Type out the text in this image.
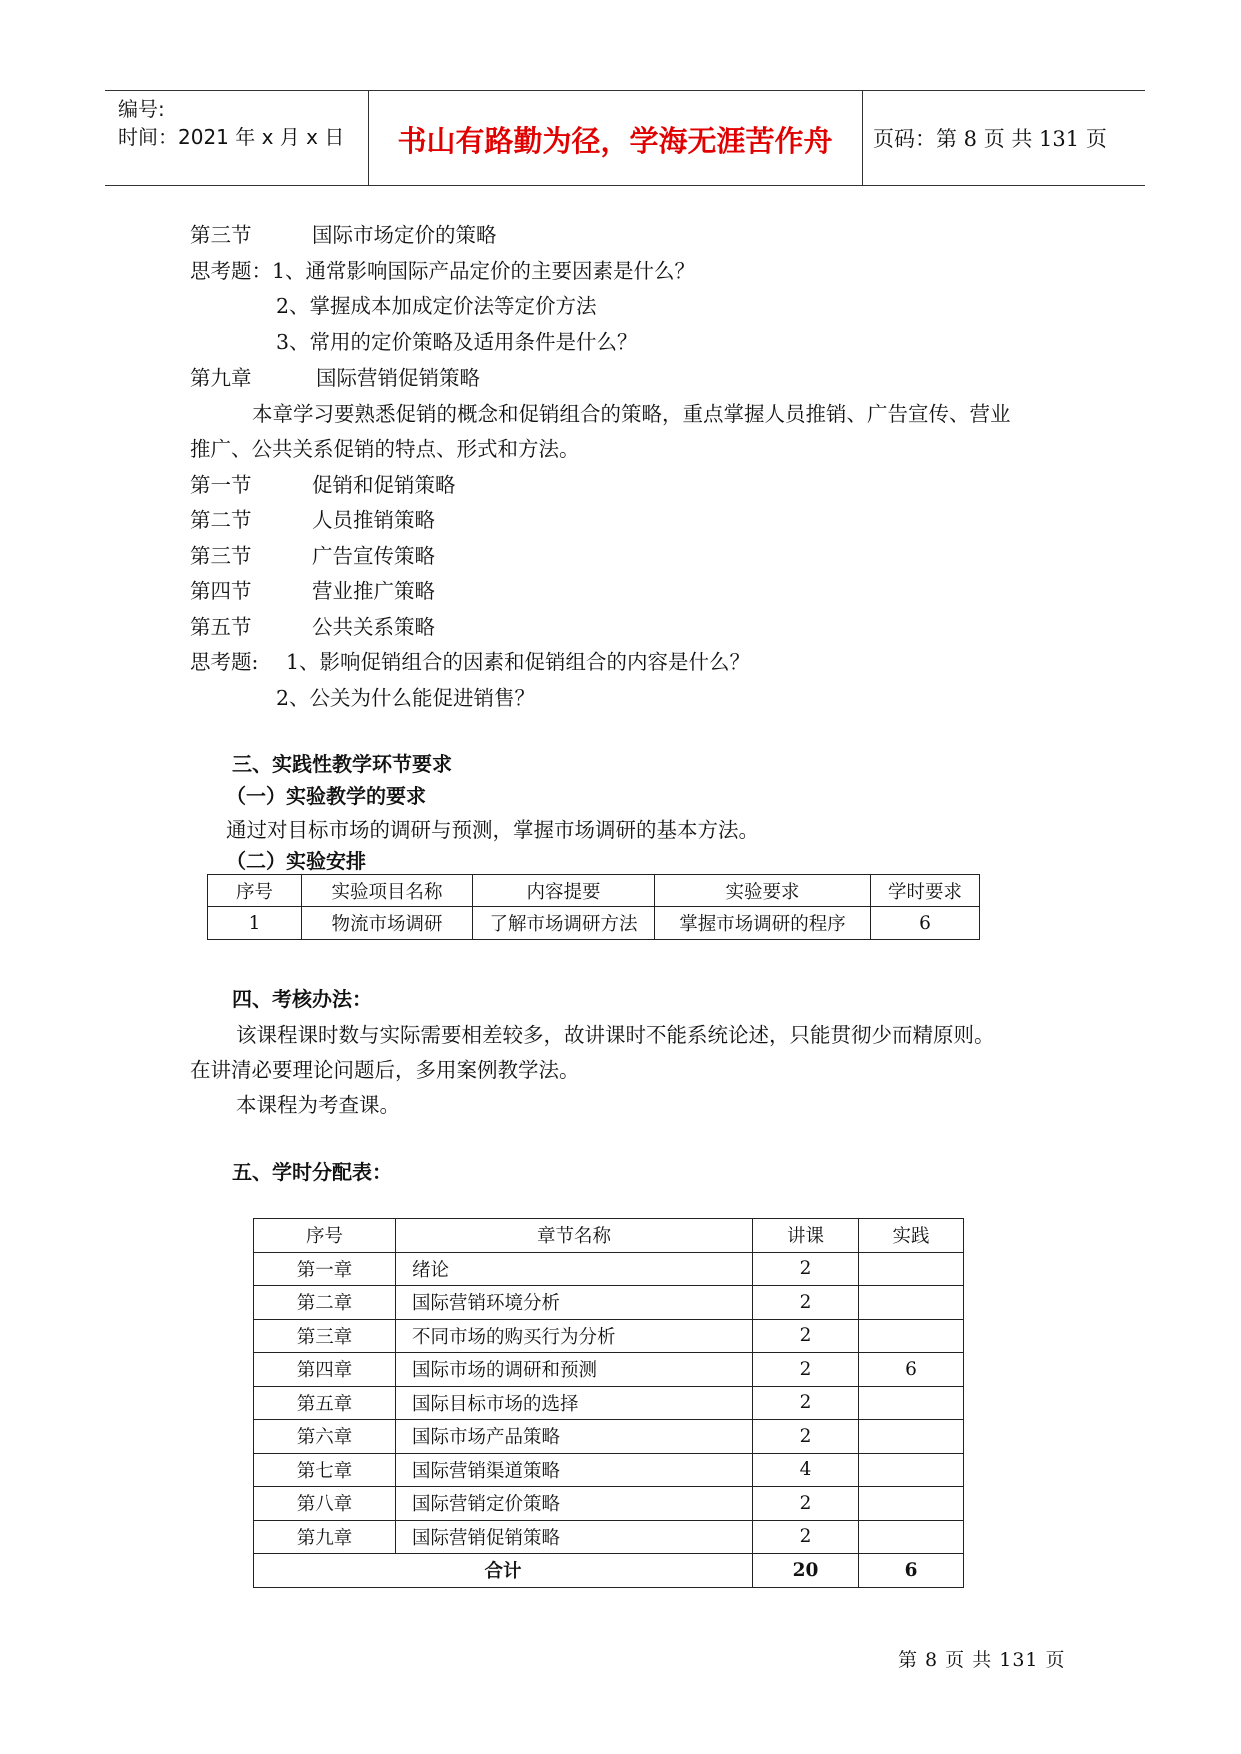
编号:
时间：2021 年 x 月 x 日	书山有路勤为径，学海无涯苦作舟	页码：第 8 页 共 131 页
第三节	国际市场定价的策略
思考题：1、通常影响国际产品定价的主要因素是什么？
2、掌握成本加成定价法等定价方法
3、常用的定价策略及适用条件是什么？
第九章	国际营销促销策略
本章学习要熟悉促销的概念和促销组合的策略，重点掌握人员推销、广告宣传、营业
推广、公共关系促销的特点、形式和方法。
第一节	促销和促销策略
第二节	人员推销策略
第三节	广告宣传策略
第四节	营业推广策略
第五节	公共关系策略
思考题: 1、影响促销组合的因素和促销组合的内容是什么？
2、公关为什么能促进销售？
三、实践性教学环节要求
（一）实验教学的要求
通过对目标市场的调研与预测，掌握市场调研的基本方法。
（二）实验安排
序号	实验项目名称	内容提要	实验要求	学时要求
1	物流市场调研	了解市场调研方法	掌握市场调研的程序	6
四、考核办法：
该课程课时数与实际需要相差较多，故讲课时不能系统论述，只能贯彻少而精原则。
在讲清必要理论问题后，多用案例教学法。
本课程为考查课。
五、学时分配表：
序号	章节名称	讲课	实践
第一章	绪论	2	
第二章	国际营销环境分析	2	
第三章	不同市场的购买行为分析	2	
第四章	国际市场的调研和预测	2	6
第五章	国际目标市场的选择	2	
第六章	国际市场产品策略	2	
第七章	国际营销渠道策略	4	
第八章	国际营销定价策略	2	
第九章	国际营销促销策略	2	
合计		20	6
第 8 页 共 131 页
